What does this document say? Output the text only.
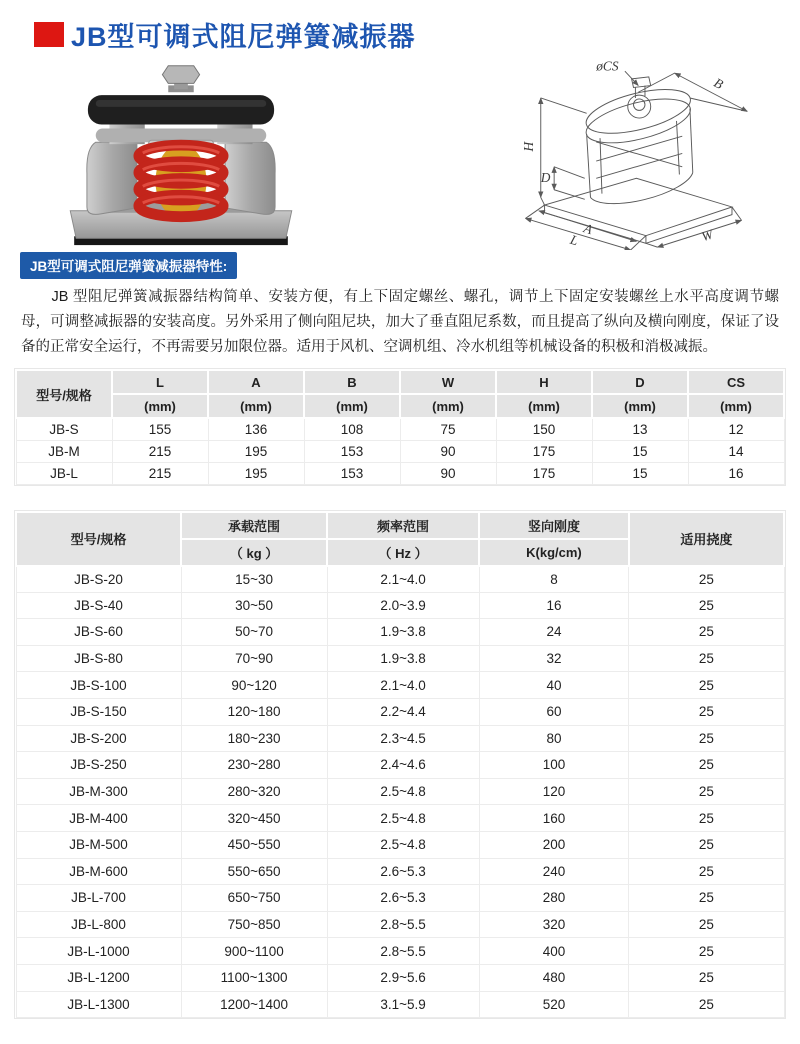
JB型可调式阻尼弹簧减振器
øCS
B
H
D
A
L	W
JB型可调式阻尼弹簧减振器特性:

JB 型阻尼弹簧减振器结构简单、安装方便，有上下固定螺丝、螺孔，调节上下固定安装螺丝上水平高度调节螺母，可调整减振器的安装高度。另外采用了侧向阻尼块，加大了垂直阻尼系数，而且提高了纵向及横向刚度，保证了设备的正常安全运行，不再需要另加限位器。适用于风机、空调机组、冷水机组等机械设备的积极和消极减振。

型号/规格	L	A	B	W	H	D	CS
	(mm)	(mm)	(mm)	(mm)	(mm)	(mm)	(mm)
JB-S	155	136	108	75	150	13	12
JB-M	215	195	153	90	175	15	14
JB-L	215	195	153	90	175	15	16
型号/规格	承载范围	频率范围	竖向刚度	适用挠度
	（ kg ）	（ Hz ）	K(kg/cm)	
JB-S-20	15~30	2.1~4.0	8	25
JB-S-40	30~50	2.0~3.9	16	25
JB-S-60	50~70	1.9~3.8	24	25
JB-S-80	70~90	1.9~3.8	32	25
JB-S-100	90~120	2.1~4.0	40	25
JB-S-150	120~180	2.2~4.4	60	25
JB-S-200	180~230	2.3~4.5	80	25
JB-S-250	230~280	2.4~4.6	100	25
JB-M-300	280~320	2.5~4.8	120	25
JB-M-400	320~450	2.5~4.8	160	25
JB-M-500	450~550	2.5~4.8	200	25
JB-M-600	550~650	2.6~5.3	240	25
JB-L-700	650~750	2.6~5.3	280	25
JB-L-800	750~850	2.8~5.5	320	25
JB-L-1000	900~1100	2.8~5.5	400	25
JB-L-1200	1100~1300	2.9~5.6	480	25
JB-L-1300	1200~1400	3.1~5.9	520	25
